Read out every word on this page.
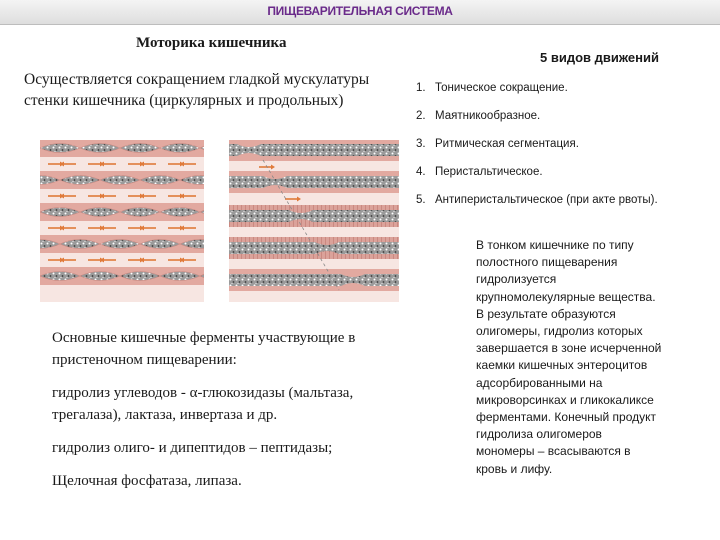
ПИЩЕВАРИТЕЛЬНАЯ СИСТЕМА
Моторика кишечника
Осуществляется сокращением гладкой мускулатуры
стенки кишечника (циркулярных и продольных)
5 видов движений
1. Тоническое сокращение.
2. Маятникообразное.
3. Ритмическая сегментация.
4. Перистальтическое.
5. Антиперистальтическое (при акте рвоты).

Основные кишечные ферменты участвующие в пристеночном пищеварении:

гидролиз углеводов - α-глюкозидазы (мальтаза, трегалаза), лактаза, инвертаза и др.

гидролиз олиго- и дипептидов – пептидазы;

Щелочная фосфатаза, липаза.

В тонком кишечнике по типу
полостного пищеварения
гидролизуется
крупномолекулярные вещества.
В результате образуются
олигомеры, гидролиз которых
завершается в зоне исчерченной
каемки кишечных энтероцитов
адсорбированными на
микроворсинках и гликокаликсе
ферментами. Конечный продукт
гидролиза олигомеров
мономеры – всасываются в
кровь и лифу.
